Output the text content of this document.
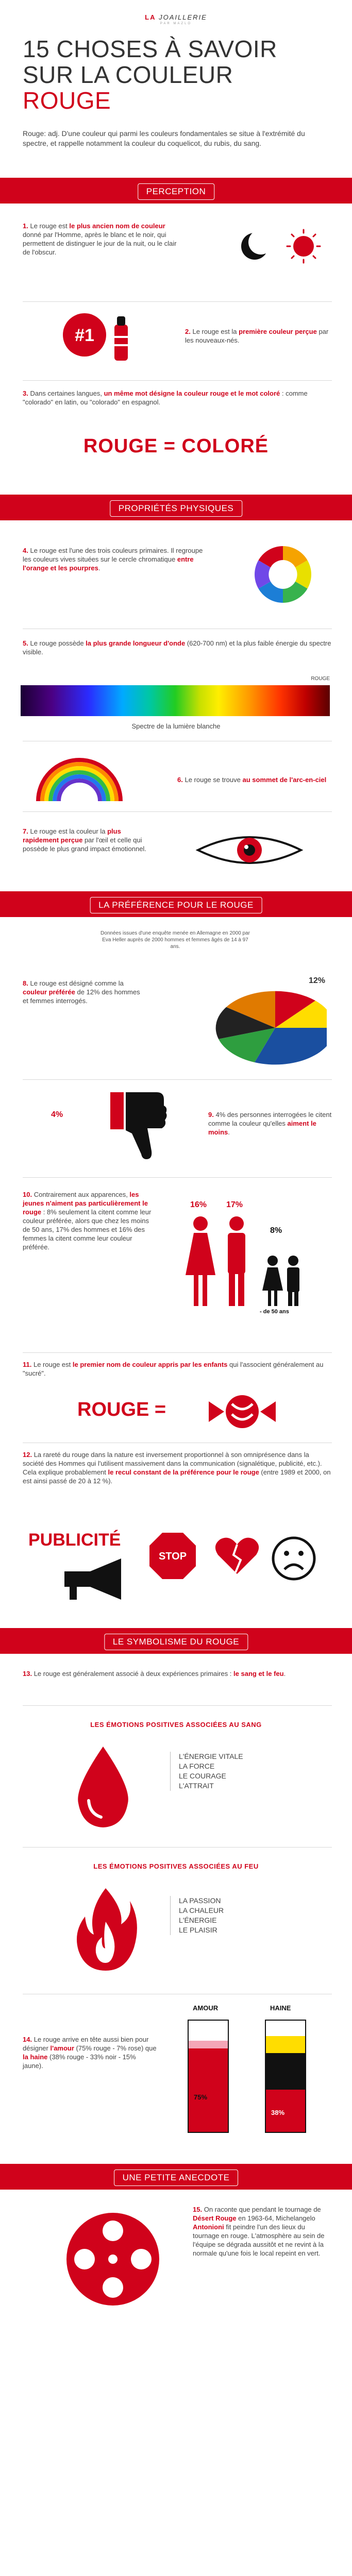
LA JOAILLERIE
PAR MAZLO
15 CHOSES À SAVOIR
SUR LA COULEUR
ROUGE

Rouge: adj. D'une couleur qui parmi les couleurs fondamentales se situe à l'extrémité du spectre, et rappelle notamment la couleur du coquelicot, du rubis, du sang.

PERCEPTION

1. Le rouge est le plus ancien nom de couleur donné par l'Homme, après le blanc et le noir, qui permettent de distinguer le jour de la nuit, ou le clair de l'obscur.

#1	2. Le rouge est la première couleur perçue par les nouveaux-nés.

3. Dans certaines langues, un même mot désigne la couleur rouge et le mot coloré : comme "colorado" en latin, ou "colorado" en espagnol.

ROUGE = COLORÉ
PROPRIÉTÉS PHYSIQUES

4. Le rouge est l'une des trois couleurs primaires. Il regroupe les couleurs vives situées sur le cercle chromatique entre l'orange et les pourpres.

5. Le rouge possède la plus grande longueur d'onde (620-700 nm) et la plus faible énergie du spectre visible.

ROUGE
Spectre de la lumière blanche

6. Le rouge se trouve au sommet de l'arc-en-ciel

7. Le rouge est la couleur la plus rapidement perçue par l'œil et celle qui possède le plus grand impact émotionnel.

LA PRÉFÉRENCE POUR LE ROUGE

Données issues d'une enquête menée en Allemagne en 2000 par Eva Heller auprès de 2000 hommes et femmes âgés de 14 à 97 ans.

8. Le rouge est désigné comme la couleur préférée de 12% des hommes et femmes interrogés.

12%
4%	9. 4% des personnes interrogées le citent comme la couleur qu'elles aiment le moins.

10. Contrairement aux apparences, les jeunes n'aiment pas particulièrement le rouge : 8% seulement la citent comme leur couleur préférée, alors que chez les moins de 50 ans, 17% des hommes et 16% des femmes la citent comme leur couleur préférée.

16% 17%
8%
- de 50 ans

11. Le rouge est le premier nom de couleur appris par les enfants qui l'associent généralement au "sucré".

ROUGE =

12. La rareté du rouge dans la nature est inversement proportionnel à son omniprésence dans la société des Hommes qui l'utilisent massivement dans la communication (signalétique, publicité, etc.). Cela explique probablement le recul constant de la préférence pour le rouge (entre 1989 et 2000, on est ainsi passé de 20 à 12 %).

PUBLICITÉ
STOP
LE SYMBOLISME DU ROUGE

13. Le rouge est généralement associé à deux expériences primaires : le sang et le feu.

LES ÉMOTIONS POSITIVES ASSOCIÉES AU SANG
L'ÉNERGIE VITALE
LA FORCE
LE COURAGE
L'ATTRAIT
LES ÉMOTIONS POSITIVES ASSOCIÉES AU FEU
LA PASSION
LA CHALEUR
L'ÉNERGIE
LE PLAISIR

14. Le rouge arrive en tête aussi bien pour désigner l'amour (75% rouge - 7% rose) que la haine (38% rouge - 33% noir - 15% jaune).

AMOUR	HAINE
75%
38%
UNE PETITE ANECDOTE

15. On raconte que pendant le tournage de Désert Rouge en 1963-64, Michelangelo Antonioni fit peindre l'un des lieux du tournage en rouge. L'atmosphère au sein de l'équipe se dégrada aussitôt et ne revint à la normale qu'une fois le local repeint en vert.
